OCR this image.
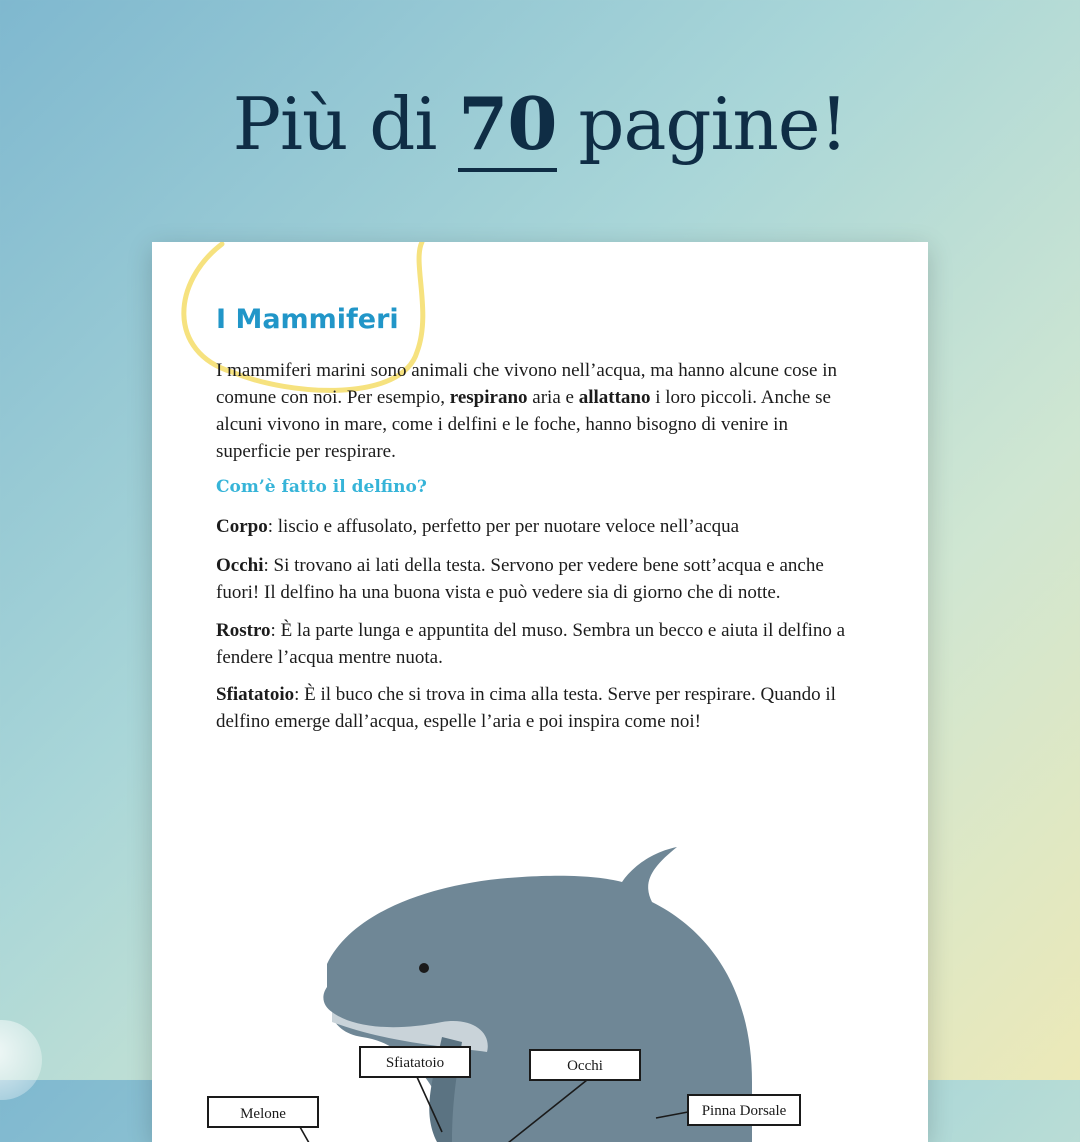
Più di 70 pagine!
I Mammiferi

I mammiferi marini sono animali che vivono nell’acqua, ma hanno alcune cose in comune con noi. Per esempio, respirano aria e allattano i loro piccoli. Anche se alcuni vivono in mare, come i delfini e le foche, hanno bisogno di venire in superficie per respirare.

Com’è fatto il delfino?

Corpo: liscio e affusolato, perfetto per per nuotare veloce nell’acqua

Occhi: Si trovano ai lati della testa. Servono per vedere bene sott’acqua e anche fuori! Il delfino ha una buona vista e può vedere sia di giorno che di notte.

Rostro: È la parte lunga e appuntita del muso. Sembra un becco e aiuta il delfino a fendere l’acqua mentre nuota.

Sfiatatoio: È il buco che si trova in cima alla testa. Serve per respirare. Quando il delfino emerge dall’acqua, espelle l’aria e poi inspira come noi!

Melone
Sfiatatoio	Occhi
Pinna Dorsale
